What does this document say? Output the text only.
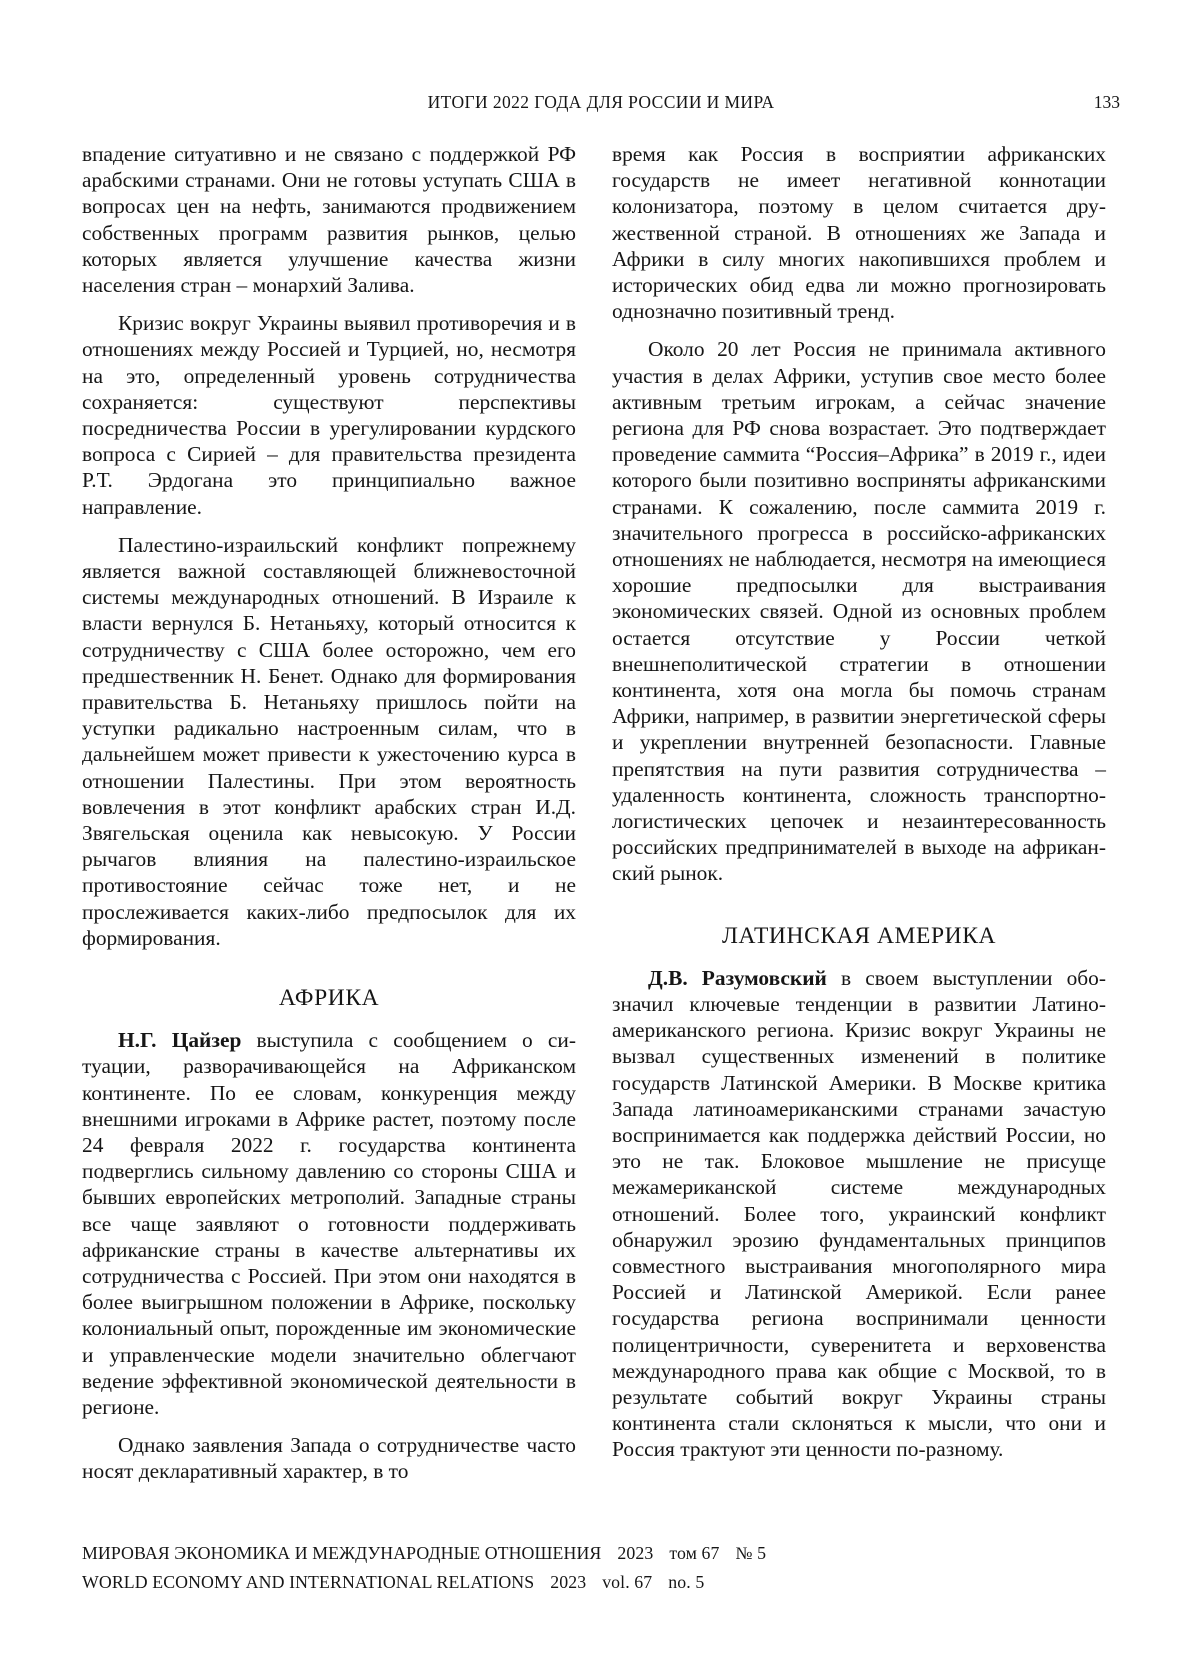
ИТОГИ 2022 ГОДА ДЛЯ РОССИИ И МИРА	133

впадение ситуативно и не связано с поддержкой РФ арабскими странами. Они не готовы уступать США в вопросах цен на нефть, занимаются продвижением собственных программ развития рынков, целью которых является улучшение качества жизни населения стран – монархий Залива.

Кризис вокруг Украины выявил противоречия и в отношениях между Россией и Турцией, но, несмотря на это, определенный уровень сотрудничества сохраняется: существуют перспективы посредничества России в урегулировании курдского вопроса с Сирией – для правительства президента Р.Т. Эрдогана это принципиально важное направление.

Палестино-израильский конфликт попрежнему является важной составляющей ближневосточной системы международных отношений. В Израиле к власти вернулся Б. Нетаньяху, который относится к сотрудничеству с США более осторожно, чем его предшественник Н. Бенет. Однако для формирования правительства Б. Нетаньяху пришлось пойти на уступки радикально настроенным силам, что в дальнейшем может привести к ужесточению курса в отношении Палестины. При этом вероятность вовлечения в этот конфликт арабских стран И.Д. Звягельская оценила как невысокую. У России рычагов влияния на палестино-израильское противостояние сейчас тоже нет, и не прослеживается каких-либо предпосылок для их формирования.

АФРИКА

Н.Г. Цайзер выступила с сообщением о ситуации, разворачивающейся на Африканском континенте. По ее словам, конкуренция между внешними игроками в Африке растет, поэтому после 24 февраля 2022 г. государства континента подверглись сильному давлению со стороны США и бывших европейских метрополий. Западные страны все чаще заявляют о готовности поддерживать африканские страны в качестве альтернативы их сотрудничества с Россией. При этом они находятся в более выигрышном положении в Африке, поскольку колониальный опыт, порожденные им экономические и управленческие модели значительно облегчают ведение эффективной экономической деятельности в регионе.

Однако заявления Запада о сотрудничестве часто носят декларативный характер, в то

время как Россия в восприятии африканских государств не имеет негативной коннотации колонизатора, поэтому в целом считается дружественной страной. В отношениях же Запада и Африки в силу многих накопившихся проблем и исторических обид едва ли можно прогнозировать однозначно позитивный тренд.

Около 20 лет Россия не принимала активного участия в делах Африки, уступив свое место более активным третьим игрокам, а сейчас значение региона для РФ снова возрастает. Это подтверждает проведение саммита “Россия–Африка” в 2019 г., идеи которого были позитивно восприняты африканскими странами. К сожалению, после саммита 2019 г. значительного прогресса в российско-африканских отношениях не наблюдается, несмотря на имеющиеся хорошие предпосылки для выстраивания экономических связей. Одной из основных проблем остается отсутствие у России четкой внешнеполитической стратегии в отношении континента, хотя она могла бы помочь странам Африки, например, в развитии энергетической сферы и укреплении внутренней безопасности. Главные препятствия на пути развития сотрудничества – удаленность континента, сложность транспортно-логистических цепочек и незаинтересованность российских предпринимателей в выходе на африканский рынок.

ЛАТИНСКАЯ АМЕРИКА

Д.В. Разумовский в своем выступлении обозначил ключевые тенденции в развитии Латиноамериканского региона. Кризис вокруг Украины не вызвал существенных изменений в политике государств Латинской Америки. В Москве критика Запада латиноамериканскими странами зачастую воспринимается как поддержка действий России, но это не так. Блоковое мышление не присуще межамериканской системе международных отношений. Более того, украинский конфликт обнаружил эрозию фундаментальных принципов совместного выстраивания многополярного мира Россией и Латинской Америкой. Если ранее государства региона воспринимали ценности полицентричности, суверенитета и верховенства международного права как общие с Москвой, то в результате событий вокруг Украины страны континента стали склоняться к мысли, что они и Россия трактуют эти ценности по-разному.

МИРОВАЯ ЭКОНОМИКА И МЕЖДУНАРОДНЫЕ ОТНОШЕНИЯ 2023 том 67 № 5
WORLD ECONOMY AND INTERNATIONAL RELATIONS 2023 vol. 67 no. 5
